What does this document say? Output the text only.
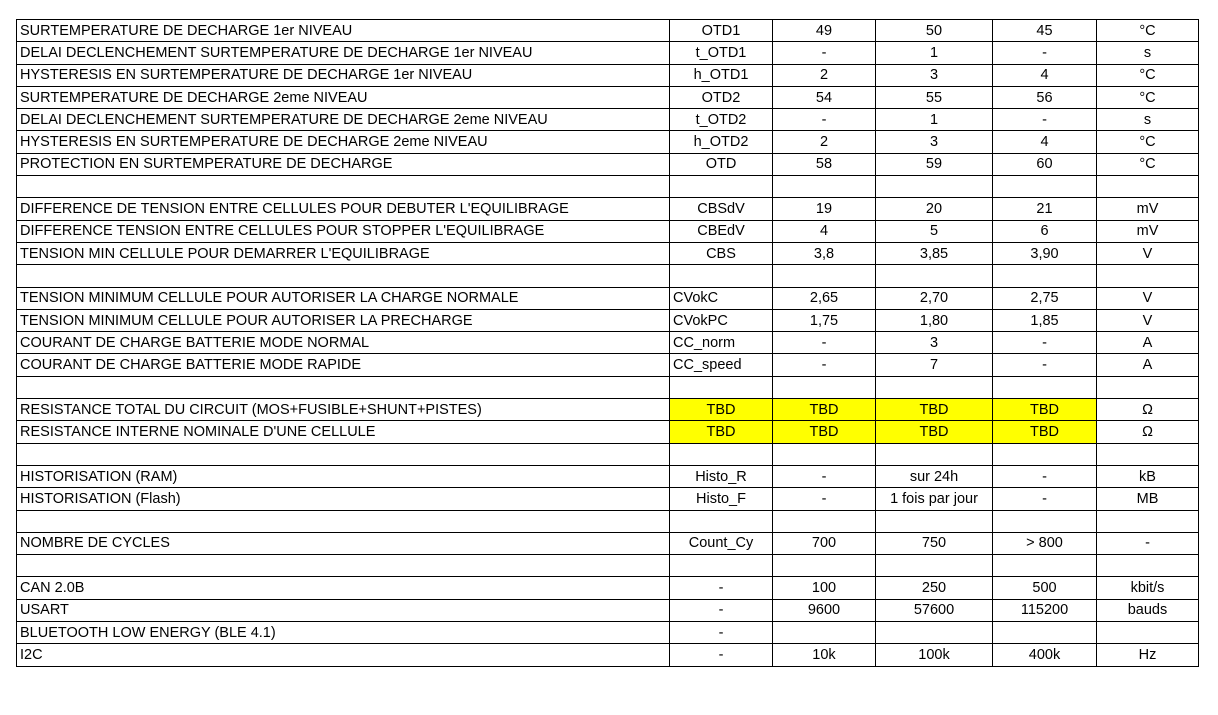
SURTEMPERATURE DE DECHARGE 1er NIVEAU	OTD1	49	50	45	°C
DELAI DECLENCHEMENT SURTEMPERATURE DE DECHARGE 1er NIVEAU	t_OTD1	-	1	-	s
HYSTERESIS EN SURTEMPERATURE DE DECHARGE 1er NIVEAU	h_OTD1	2	3	4	°C
SURTEMPERATURE DE DECHARGE 2eme NIVEAU	OTD2	54	55	56	°C
DELAI DECLENCHEMENT SURTEMPERATURE DE DECHARGE 2eme NIVEAU	t_OTD2	-	1	-	s
HYSTERESIS EN SURTEMPERATURE DE DECHARGE 2eme NIVEAU	h_OTD2	2	3	4	°C
PROTECTION EN SURTEMPERATURE DE DECHARGE	OTD	58	59	60	°C

DIFFERENCE DE TENSION ENTRE CELLULES POUR DEBUTER L'EQUILIBRAGE	CBSdV	19	20	21	mV
DIFFERENCE TENSION ENTRE CELLULES POUR STOPPER L'EQUILIBRAGE	CBEdV	4	5	6	mV
TENSION MIN CELLULE POUR DEMARRER L'EQUILIBRAGE	CBS	3,8	3,85	3,90	V

TENSION MINIMUM CELLULE POUR AUTORISER LA CHARGE NORMALE	CVokC	2,65	2,70	2,75	V
TENSION MINIMUM CELLULE POUR AUTORISER LA PRECHARGE	CVokPC	1,75	1,80	1,85	V
COURANT DE CHARGE BATTERIE MODE NORMAL	CC_norm	-	3	-	A
COURANT DE CHARGE BATTERIE MODE RAPIDE	CC_speed	-	7	-	A

RESISTANCE TOTAL DU CIRCUIT (MOS+FUSIBLE+SHUNT+PISTES)	TBD	TBD	TBD	TBD	Ω
RESISTANCE INTERNE NOMINALE D'UNE CELLULE	TBD	TBD	TBD	TBD	Ω

HISTORISATION (RAM)	Histo_R	-	sur 24h	-	kB
HISTORISATION (Flash)	Histo_F	-	1 fois par jour	-	MB

NOMBRE DE CYCLES	Count_Cy	700	750	> 800	-

CAN 2.0B	-	100	250	500	kbit/s
USART	-	9600	57600	115200	bauds
BLUETOOTH LOW ENERGY (BLE 4.1)	-				
I2C	-	10k	100k	400k	Hz
